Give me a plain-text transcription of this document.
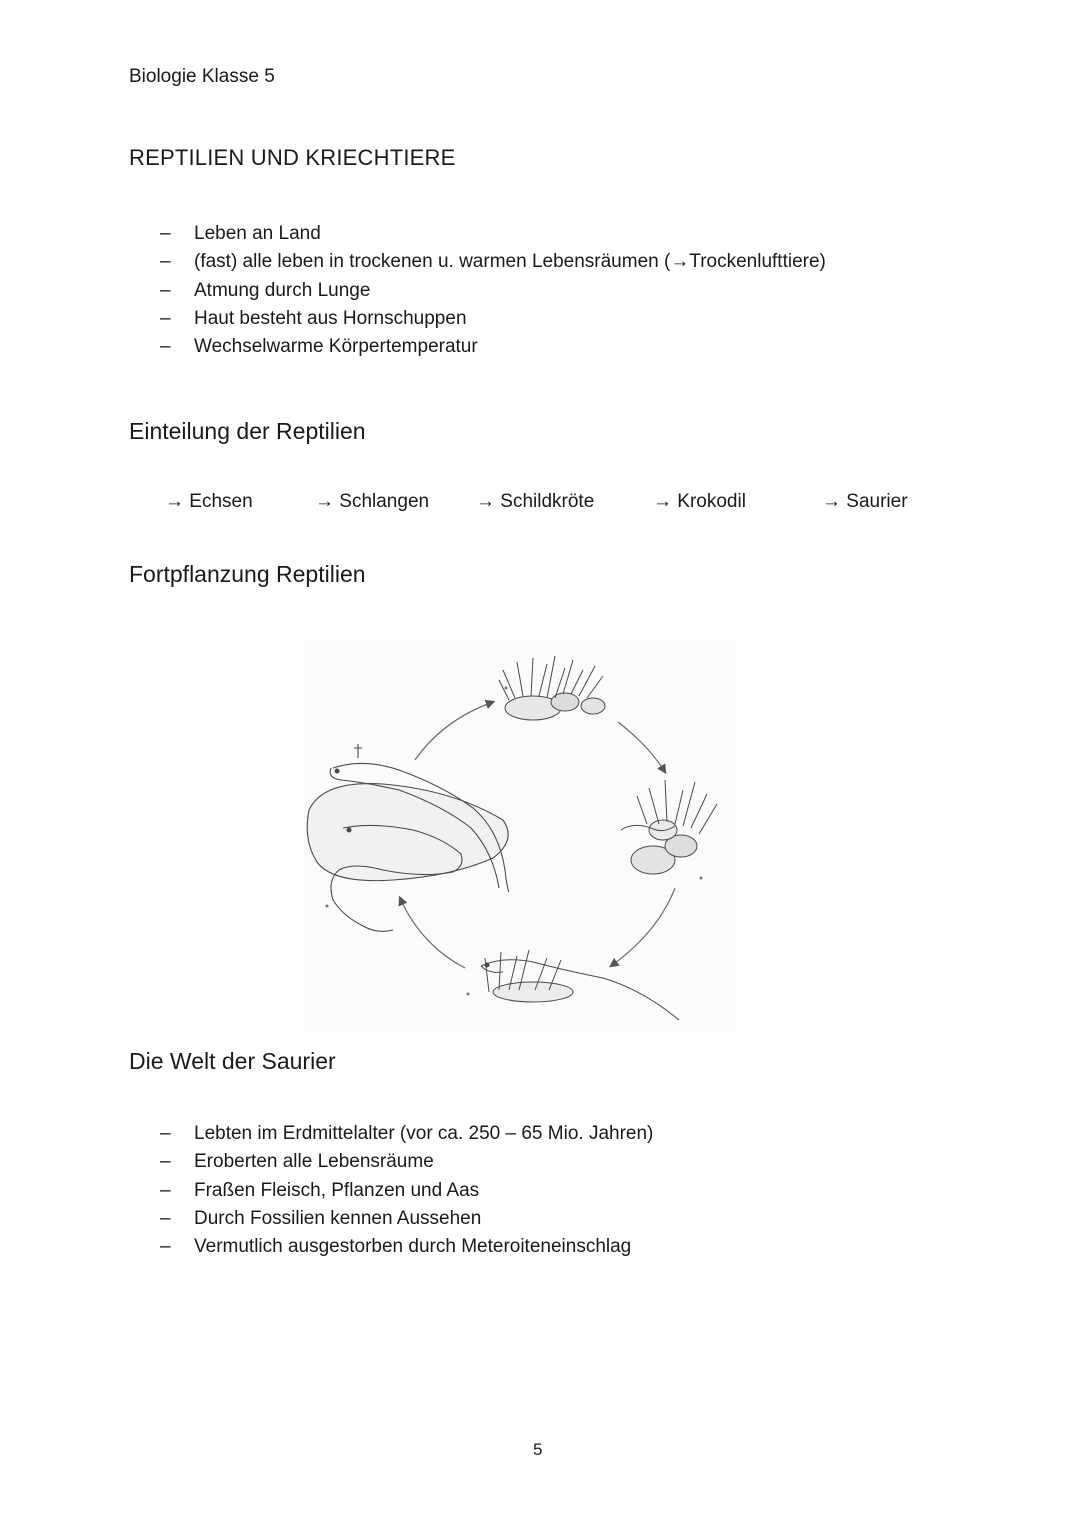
Biologie Klasse 5
REPTILIEN UND KRIECHTIERE
– Leben an Land
– (fast) alle leben in trockenen u. warmen Lebensräumen (→Trockenlufttiere)
– Atmung durch Lunge
– Haut besteht aus Hornschuppen
– Wechselwarme Körpertemperatur
Einteilung der Reptilien
→ Echsen	→ Schlangen → Schildkröte	→ Krokodil	→ Saurier
Fortpflanzung Reptilien
Die Welt der Saurier
– Lebten im Erdmittelalter (vor ca. 250 – 65 Mio. Jahren)
– Eroberten alle Lebensräume
– Fraßen Fleisch, Pflanzen und Aas
– Durch Fossilien kennen Aussehen
– Vermutlich ausgestorben durch Meteroiteneinschlag
5
